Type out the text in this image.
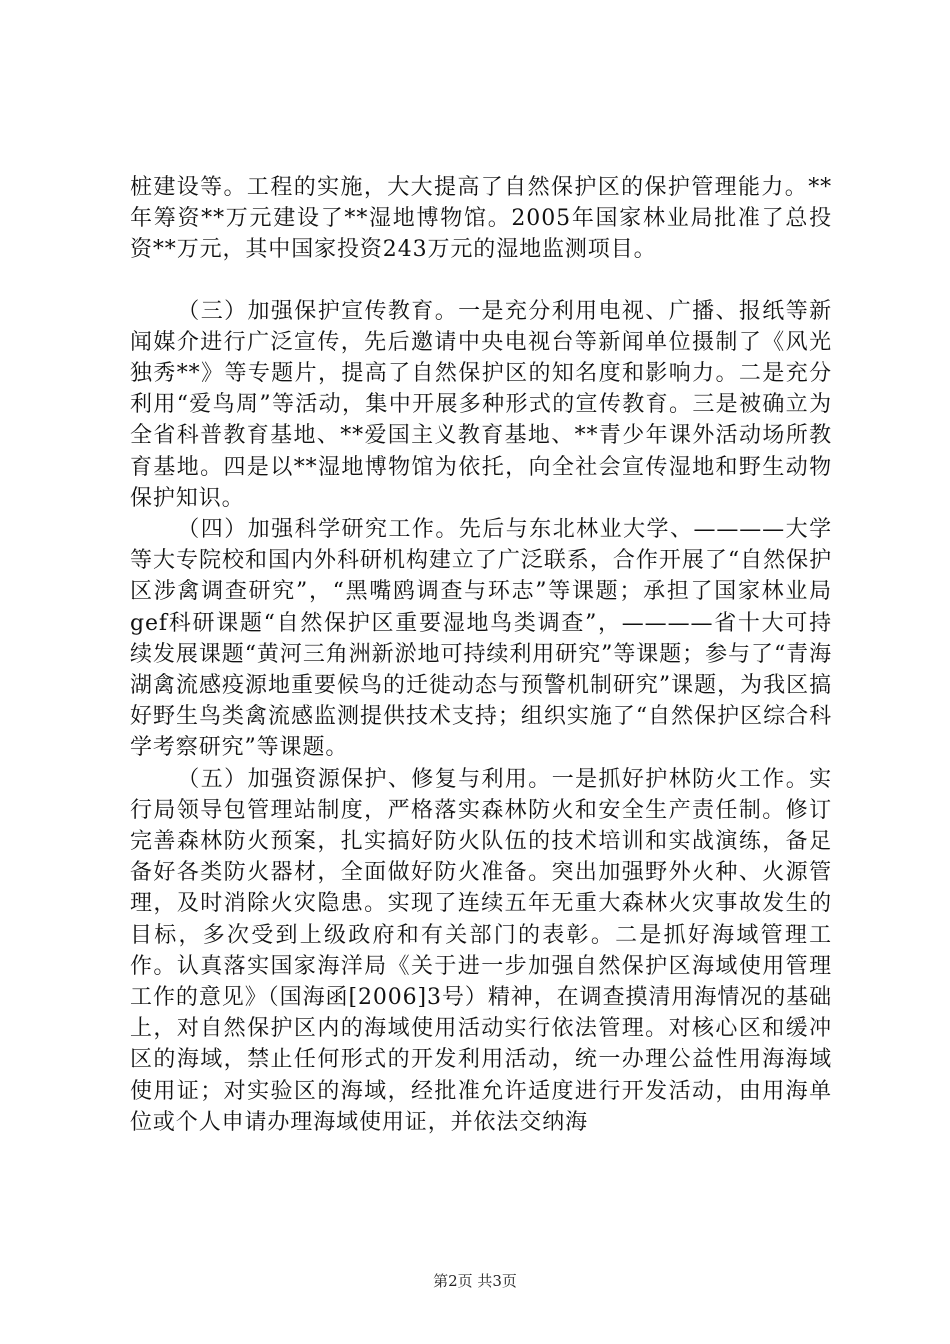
桩建设等。工程的实施，大大提高了自然保护区的保护管理能力。**年筹资**万元建设了**湿地博物馆。2005年国家林业局批准了总投资**万元，其中国家投资243万元的湿地监测项目。

（三）加强保护宣传教育。一是充分利用电视、广播、报纸等新闻媒介进行广泛宣传，先后邀请中央电视台等新闻单位摄制了《风光独秀**》等专题片，提高了自然保护区的知名度和影响力。二是充分利用“爱鸟周”等活动，集中开展多种形式的宣传教育。三是被确立为全省科普教育基地、**爱国主义教育基地、**青少年课外活动场所教育基地。四是以**湿地博物馆为依托，向全社会宣传湿地和野生动物保护知识。

（四）加强科学研究工作。先后与东北林业大学、————大学等大专院校和国内外科研机构建立了广泛联系，合作开展了“自然保护区涉禽调查研究”，“黑嘴鸥调查与环志”等课题；承担了国家林业局gef科研课题“自然保护区重要湿地鸟类调查”，————省十大可持续发展课题“黄河三角洲新淤地可持续利用研究”等课题；参与了“青海湖禽流感疫源地重要候鸟的迁徙动态与预警机制研究”课题，为我区搞好野生鸟类禽流感监测提供技术支持；组织实施了“自然保护区综合科学考察研究”等课题。

（五）加强资源保护、修复与利用。一是抓好护林防火工作。实行局领导包管理站制度，严格落实森林防火和安全生产责任制。修订完善森林防火预案，扎实搞好防火队伍的技术培训和实战演练，备足备好各类防火器材，全面做好防火准备。突出加强野外火种、火源管理，及时消除火灾隐患。实现了连续五年无重大森林火灾事故发生的目标，多次受到上级政府和有关部门的表彰。二是抓好海域管理工作。认真落实国家海洋局《关于进一步加强自然保护区海域使用管理工作的意见》（国海函[2006]3号）精神，在调查摸清用海情况的基础上，对自然保护区内的海域使用活动实行依法管理。对核心区和缓冲区的海域，禁止任何形式的开发利用活动，统一办理公益性用海海域使用证；对实验区的海域，经批准允许适度进行开发活动，由用海单位或个人申请办理海域使用证，并依法交纳海

第2页 共3页
